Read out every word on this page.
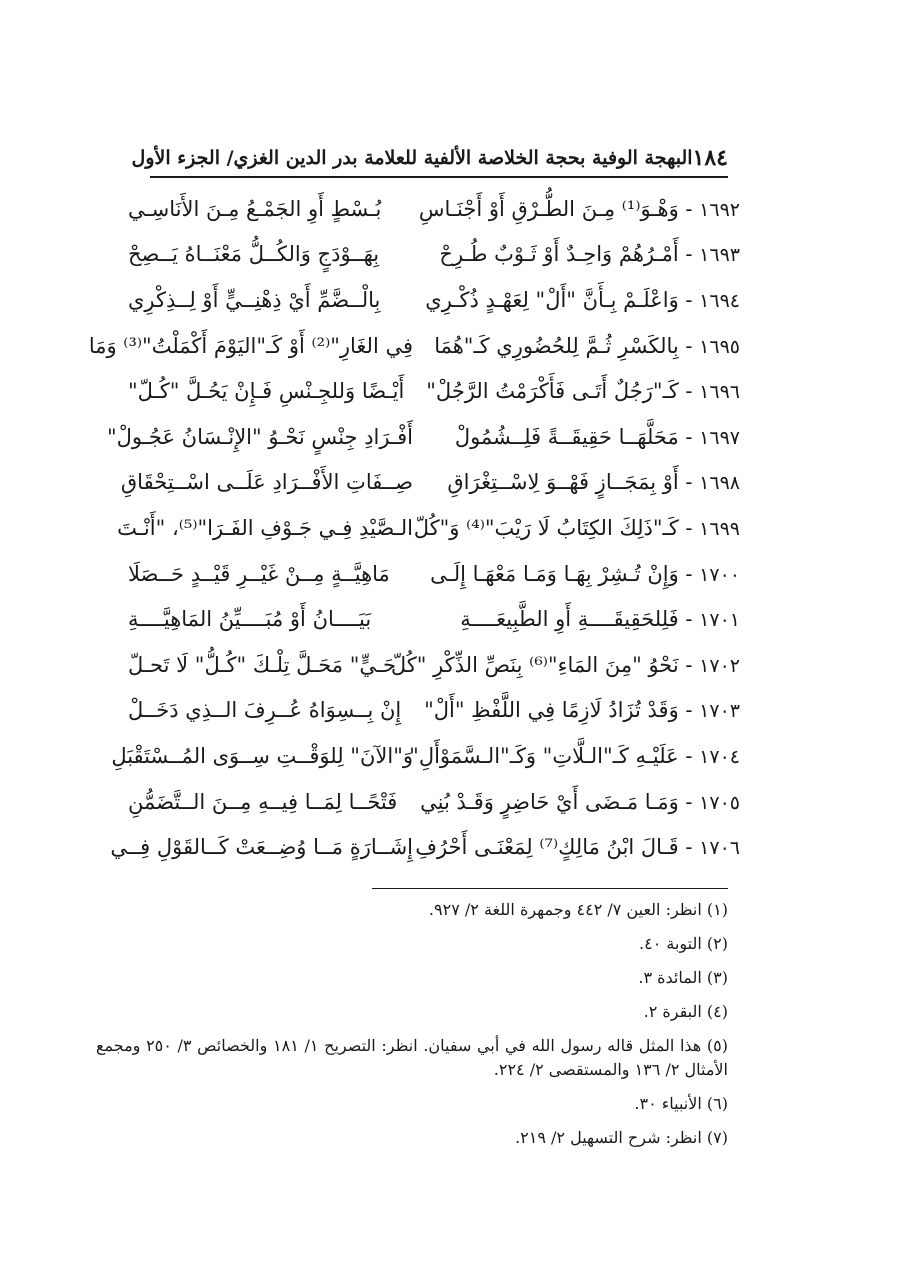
١٨٤
البهجة الوفية بحجة الخلاصة الألفية للعلامة بدر الدين الغزي/ الجزء الأول
١٦٩٢ - وَهْـوَ⁽¹⁾ مِـنَ الطُّـرْقِ أَوْ أَجْنَـاسِ
بُـسْطٍ أَوِ الجَمْـعُ مِـنَ الأَنَاسِـي
١٦٩٣ - أَمْـرُهُمْ وَاحِـدٌ أَوْ ثَـوْبٌ طُـرِحْ
بِهَــوْدَجٍ وَالكُــلُّ مَعْنَــاهُ يَــصِحْ
١٦٩٤ - وَاعْلَـمْ بِـأَنَّ "أَلْ" لِعَهْـدٍ ذُكْـرِي
بِالْــضَّمِّ أَيْ ذِهْنِــيٍّ أَوْ لِــذِكْرِي
١٦٩٥ - بِالكَسْرِ ثُـمَّ لِلحُضُورِي كَـ"هُمَا
فِي الغَارِ"⁽²⁾ أَوْ كَـ"اليَوْمَ أَكْمَلْتُ"⁽³⁾ وَمَا
١٦٩٦ - كَـ"رَجُلٌ أَتَـى فَأَكْرَمْتُ الرَّجُلْ"
أَيْـضًا وَللجِـنْسِ فَـإِنْ يَحُـلَّ "كُـلّ"
١٦٩٧ - مَحَلَّهَــا حَقِيقَــةً فَلِــشُمُولْ
أَفْـرَادِ جِنْسٍ نَحْـوُ "الإِنْـسَانُ عَجُـولْ"
١٦٩٨ - أَوْ بِمَجَــازٍ فَهْــوَ لِاسْــتِغْرَاقِ
صِــفَاتِ الأَفْــرَادِ عَلَــى اسْــتِحْقَاقِ
١٦٩٩ - كَـ"ذَلِكَ الكِتَابُ لَا رَيْبَ"⁽⁴⁾ وَ"كُلّ
الـصَّيْدِ فِـي جَـوْفِ الفَـرَا"⁽⁵⁾، "أَنْـتَ
١٧٠٠ - وَإِنْ تُـشِرْ بِهَـا وَمَـا مَعْهَـا إِلَـى
مَاهِيَّــةٍ مِــنْ غَيْــرِ قَيْــدٍ حَــصَلَا
١٧٠١ - فَلِلحَقِيقَــــةِ أَوِ الطَّبِيعَــــةِ
بَيَــــانُ أَوْ مُبَــــيِّنُ المَاهِيَّــــةِ
١٧٠٢ - نَحْوُ "مِنَ المَاءِ"⁽⁶⁾ بِنَصِّ الذِّكْرِ "كُلّ
حَـيٍّ" مَحَـلَّ تِلْـكَ "كُـلُّ" لَا تَحـلّ
١٧٠٣ - وَقَدْ تُزَادُ لَازِمًا فِي اللَّفْظِ "أَلْ"
إِنْ بِــسِوَاهُ عُــرِفَ الــذِي دَخَــلْ
١٧٠٤ - عَلَيْـهِ كَـ"الـلَّاتِ" وَكَـ"الـسَّمَوْأَلِ"
وَ"الآنَ" لِلوَقْــتِ سِــوَى المُــسْتَقْبَلِ
١٧٠٥ - وَمَـا مَـضَى أَيْ حَاضِرٍ وَقَـدْ بُنِي
فَتْحًــا لِمَــا فِيــهِ مِــنَ الــتَّضَمُّنِ
١٧٠٦ - قَـالَ ابْنُ مَالِكٍ⁽⁷⁾ لِمَعْنَـى أَحْرُفِ
إِشَــارَةٍ مَــا وُضِــعَتْ كَــالقَوْلِ فِــي

(١) انظر: العين ٧/ ٤٤٢ وجمهرة اللغة ٢/ ٩٢٧.

(٢) التوبة ٤٠.

(٣) المائدة ٣.

(٤) البقرة ٢.

(٥) هذا المثل قاله رسول الله في أبي سفيان. انظر: التصريح ١/ ١٨١ والخصائص ٣/ ٢٥٠ ومجمع الأمثال ٢/ ١٣٦ والمستقصى ٢/ ٢٢٤.

(٦) الأنبياء ٣٠.

(٧) انظر: شرح التسهيل ٢/ ٢١٩.
